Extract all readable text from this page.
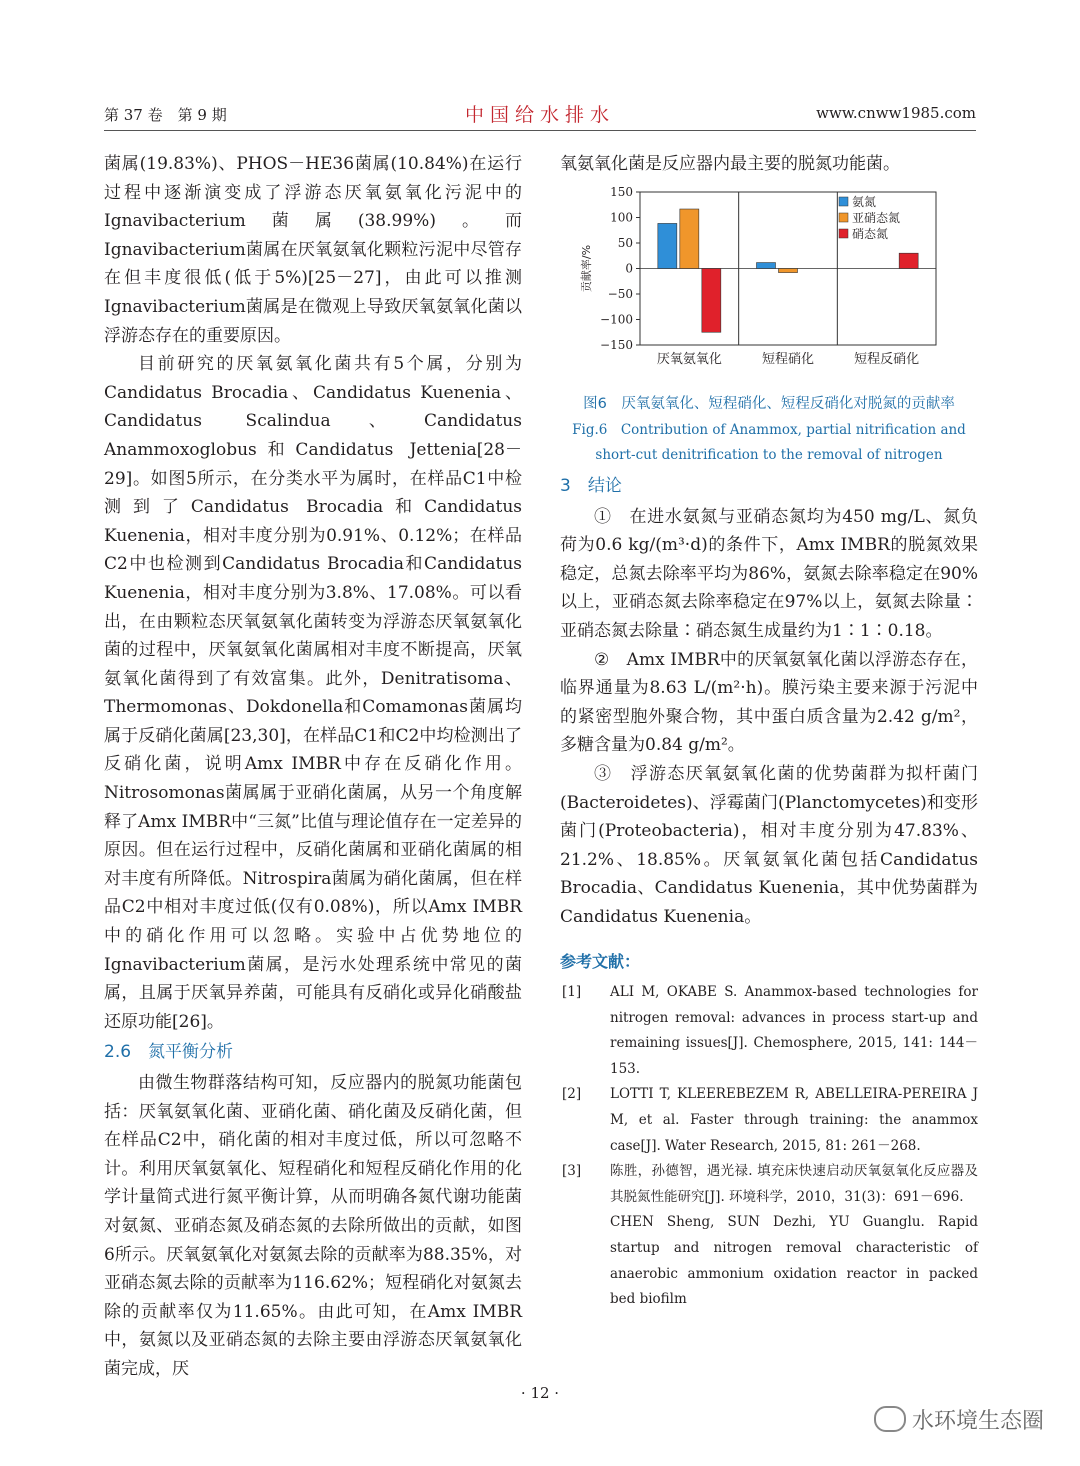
第 37 卷　第 9 期	中国给水排水	www.cnww1985.com

菌属(19.83%)、PHOS－HE36菌属(10.84%)在运行过程中逐渐演变成了浮游态厌氧氨氧化污泥中的Ignavibacterium菌属(38.99%)。而Ignavibacterium菌属在厌氧氨氧化颗粒污泥中尽管存在但丰度很低(低于5%)[25－27]，由此可以推测Ignavibacterium菌属是在微观上导致厌氧氨氧化菌以浮游态存在的重要原因。

目前研究的厌氧氨氧化菌共有5个属，分别为Candidatus Brocadia、Candidatus Kuenenia、Candidatus Scalindua、Candidatus Anammoxoglobus和Candidatus Jettenia[28－29]。如图5所示，在分类水平为属时，在样品C1中检测到了Candidatus Brocadia和Candidatus Kuenenia，相对丰度分别为0.91%、0.12%；在样品C2中也检测到Candidatus Brocadia和Candidatus Kuenenia，相对丰度分别为3.8%、17.08%。可以看出，在由颗粒态厌氧氨氧化菌转变为浮游态厌氧氨氧化菌的过程中，厌氧氨氧化菌属相对丰度不断提高，厌氧氨氧化菌得到了有效富集。此外，Denitratisoma、Thermomonas、Dokdonella和Comamonas菌属均属于反硝化菌属[23,30]，在样品C1和C2中均检测出了反硝化菌，说明Amx IMBR中存在反硝化作用。Nitrosomonas菌属属于亚硝化菌属，从另一个角度解释了Amx IMBR中“三氮”比值与理论值存在一定差异的原因。但在运行过程中，反硝化菌属和亚硝化菌属的相对丰度有所降低。Nitrospira菌属为硝化菌属，但在样品C2中相对丰度过低(仅有0.08%)，所以Amx IMBR中的硝化作用可以忽略。实验中占优势地位的Ignavibacterium菌属，是污水处理系统中常见的菌属，且属于厌氧异养菌，可能具有反硝化或异化硝酸盐还原功能[26]。

2.6　氮平衡分析

由微生物群落结构可知，反应器内的脱氮功能菌包括：厌氧氨氧化菌、亚硝化菌、硝化菌及反硝化菌，但在样品C2中，硝化菌的相对丰度过低，所以可忽略不计。利用厌氧氨氧化、短程硝化和短程反硝化作用的化学计量简式进行氮平衡计算，从而明确各氮代谢功能菌对氨氮、亚硝态氮及硝态氮的去除所做出的贡献，如图6所示。厌氧氨氧化对氨氮去除的贡献率为88.35%，对亚硝态氮去除的贡献率为116.62%；短程硝化对氨氮去除的贡献率仅为11.65%。由此可知，在Amx IMBR中，氨氮以及亚硝态氮的去除主要由浮游态厌氧氨氧化菌完成，厌

氧氨氧化菌是反应器内最主要的脱氮功能菌。

150
100
50
0
−50
−100
−150
贡献率/%
厌氧氨氧化	短程硝化	短程反硝化
氨氮
亚硝态氮
硝态氮
图6　厌氧氨氧化、短程硝化、短程反硝化对脱氮的贡献率
Fig.6　Contribution of Anammox, partial nitrification and short-cut denitrification to the removal of nitrogen
3　结论

①　在进水氨氮与亚硝态氮均为450 mg/L、氮负荷为0.6 kg/(m³·d)的条件下，Amx IMBR的脱氮效果稳定，总氮去除率平均为86%，氨氮去除率稳定在90%以上，亚硝态氮去除率稳定在97%以上，氨氮去除量∶亚硝态氮去除量∶硝态氮生成量约为1∶1∶0.18。

②　Amx IMBR中的厌氧氨氧化菌以浮游态存在，临界通量为8.63 L/(m²·h)。膜污染主要来源于污泥中的紧密型胞外聚合物，其中蛋白质含量为2.42 g/m²，多糖含量为0.84 g/m²。

③　浮游态厌氧氨氧化菌的优势菌群为拟杆菌门(Bacteroidetes)、浮霉菌门(Planctomycetes)和变形菌门(Proteobacteria)，相对丰度分别为47.83%、21.2%、18.85%。厌氧氨氧化菌包括Candidatus Brocadia、Candidatus Kuenenia，其中优势菌群为Candidatus Kuenenia。

参考文献：
[1] ALI M, OKABE S. Anammox-based technologies for nitrogen removal: advances in process start-up and remaining issues[J]. Chemosphere, 2015, 141: 144－153.
[2] LOTTI T, KLEEREBEZEM R, ABELLEIRA-PEREIRA J M, et al. Faster through training: the anammox case[J]. Water Research, 2015, 81: 261－268.
[3] 陈胜，孙德智，遇光禄. 填充床快速启动厌氧氨氧化反应器及其脱氮性能研究[J]. 环境科学，2010，31(3)：691－696.
CHEN Sheng, SUN Dezhi, YU Guanglu. Rapid startup and nitrogen removal characteristic of anaerobic ammonium oxidation reactor in packed bed biofilm
· 12 ·
水环境生态圈
